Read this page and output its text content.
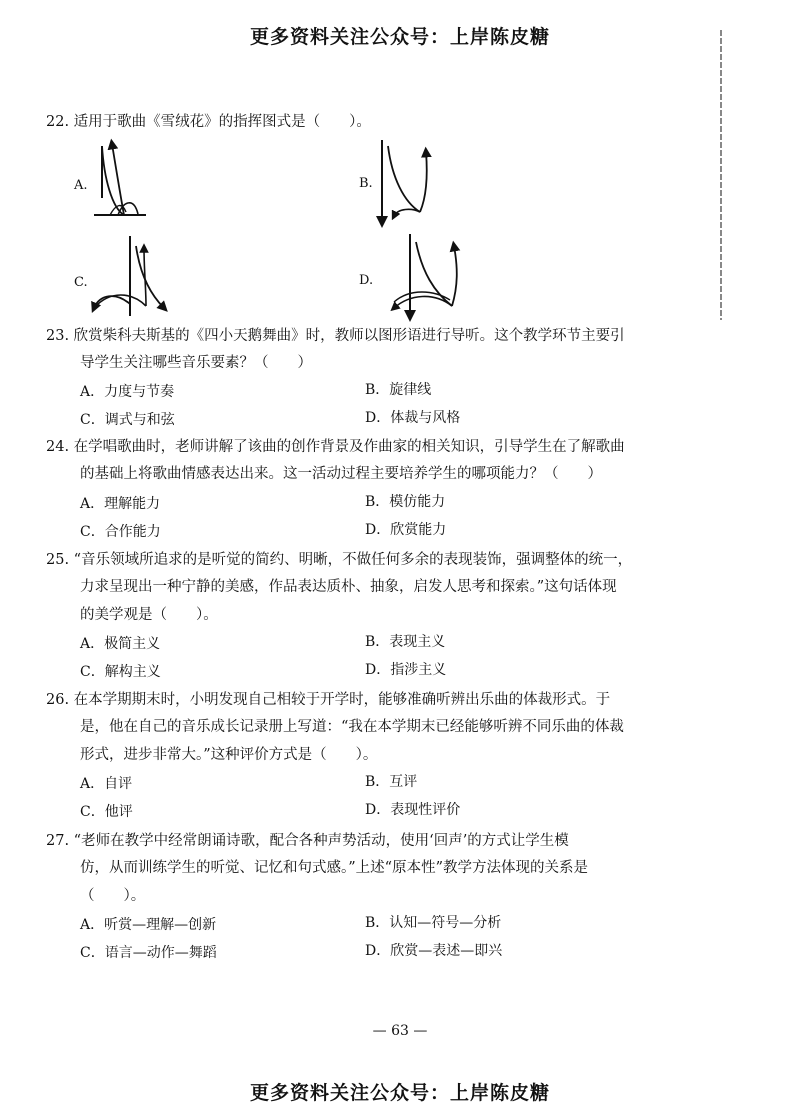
更多资料关注公众号：上岸陈皮糖
22. 适用于歌曲《雪绒花》的指挥图式是（　　）。
A.	B.
C.	D.
23. 欣赏柴科夫斯基的《四小天鹅舞曲》时，教师以图形语进行导听。这个教学环节主要引
导学生关注哪些音乐要素？（　　）
A．力度与节奏	B．旋律线
C．调式与和弦	D．体裁与风格
24. 在学唱歌曲时，老师讲解了该曲的创作背景及作曲家的相关知识，引导学生在了解歌曲
的基础上将歌曲情感表达出来。这一活动过程主要培养学生的哪项能力？（　　）
A．理解能力	B．模仿能力
C．合作能力	D．欣赏能力
25. “音乐领域所追求的是听觉的简约、明晰，不做任何多余的表现装饰，强调整体的统一，
力求呈现出一种宁静的美感，作品表达质朴、抽象，启发人思考和探索。”这句话体现
的美学观是（　　）。
A．极简主义	B．表现主义
C．解构主义	D．指涉主义
26. 在本学期期末时，小明发现自己相较于开学时，能够准确听辨出乐曲的体裁形式。于
是，他在自己的音乐成长记录册上写道：“我在本学期末已经能够听辨不同乐曲的体裁
形式，进步非常大。”这种评价方式是（　　）。
A．自评	B．互评
C．他评	D．表现性评价
27. “老师在教学中经常朗诵诗歌，配合各种声势活动，使用‘回声’的方式让学生模
仿，从而训练学生的听觉、记忆和句式感。”上述“原本性”教学方法体现的关系是
（　　）。
A．听赏—理解—创新	B．认知—符号—分析
C．语言—动作—舞蹈	D．欣赏—表述—即兴
— 63 —
更多资料关注公众号：上岸陈皮糖
